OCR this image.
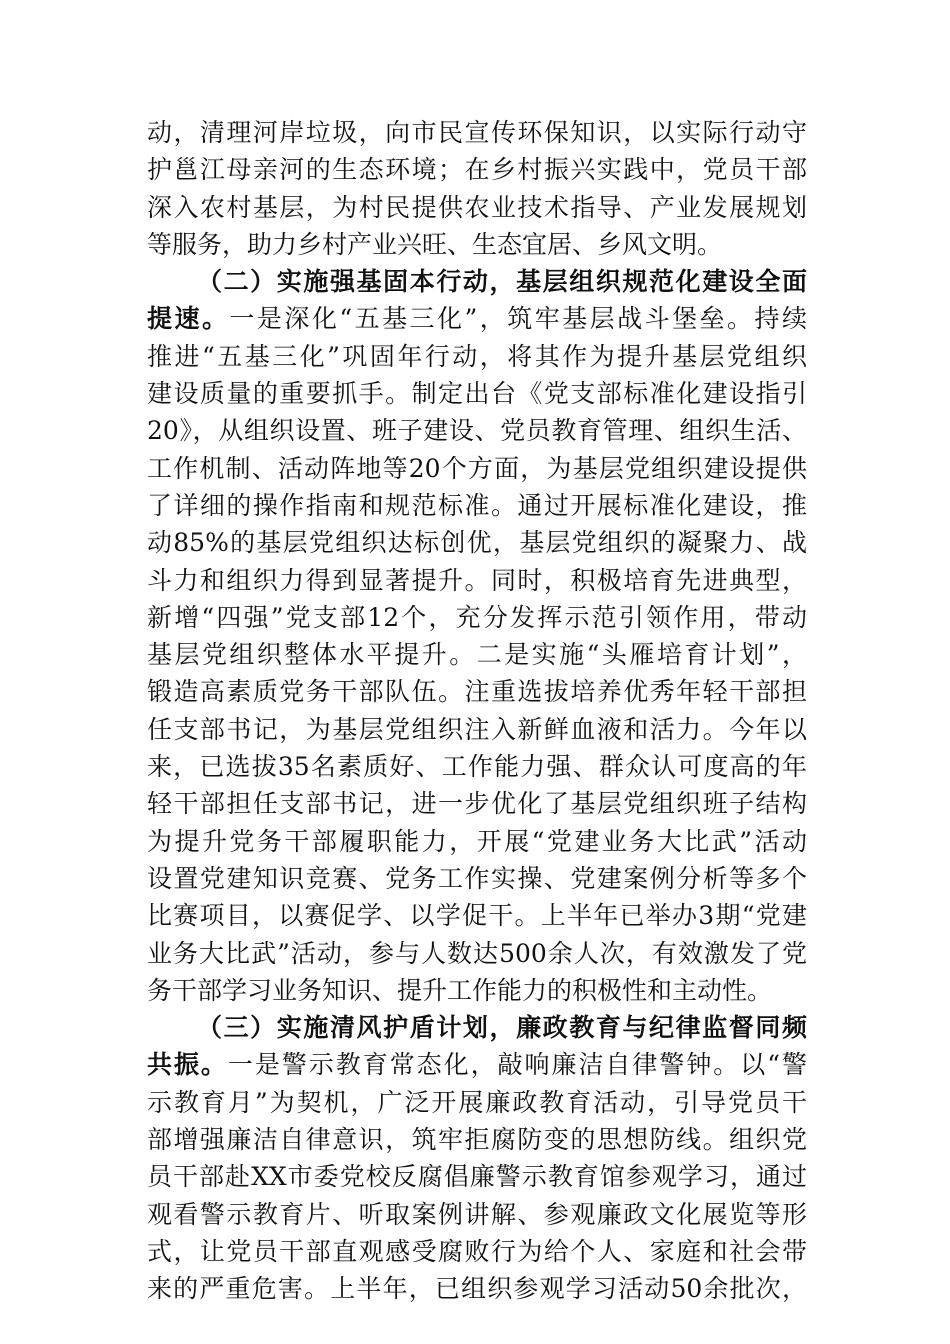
动，清理河岸垃圾，向市民宣传环保知识，以实际行动守
护邕江母亲河的生态环境；在乡村振兴实践中，党员干部
深入农村基层，为村民提供农业技术指导、产业发展规划
等服务，助力乡村产业兴旺、生态宜居、乡风文明。
（二）实施强基固本行动，基层组织规范化建设全面
提速。一是深化“五基三化”，筑牢基层战斗堡垒。持续
推进“五基三化”巩固年行动，将其作为提升基层党组织
建设质量的重要抓手。制定出台《党支部标准化建设指引
20》，从组织设置、班子建设、党员教育管理、组织生活、
工作机制、活动阵地等20个方面，为基层党组织建设提供
了详细的操作指南和规范标准。通过开展标准化建设，推
动85%的基层党组织达标创优，基层党组织的凝聚力、战
斗力和组织力得到显著提升。同时，积极培育先进典型，
新增“四强”党支部12个，充分发挥示范引领作用，带动
基层党组织整体水平提升。二是实施“头雁培育计划”，
锻造高素质党务干部队伍。注重选拔培养优秀年轻干部担
任支部书记，为基层党组织注入新鲜血液和活力。今年以
来，已选拔35名素质好、工作能力强、群众认可度高的年
轻干部担任支部书记，进一步优化了基层党组织班子结构
为提升党务干部履职能力，开展“党建业务大比武”活动
设置党建知识竞赛、党务工作实操、党建案例分析等多个
比赛项目，以赛促学、以学促干。上半年已举办3期“党建
业务大比武”活动，参与人数达500余人次，有效激发了党
务干部学习业务知识、提升工作能力的积极性和主动性。
（三）实施清风护盾计划，廉政教育与纪律监督同频
共振。一是警示教育常态化，敲响廉洁自律警钟。以“警
示教育月”为契机，广泛开展廉政教育活动，引导党员干
部增强廉洁自律意识，筑牢拒腐防变的思想防线。组织党
员干部赴XX市委党校反腐倡廉警示教育馆参观学习，通过
观看警示教育片、听取案例讲解、参观廉政文化展览等形
式，让党员干部直观感受腐败行为给个人、家庭和社会带
来的严重危害。上半年，已组织参观学习活动50余批次，
